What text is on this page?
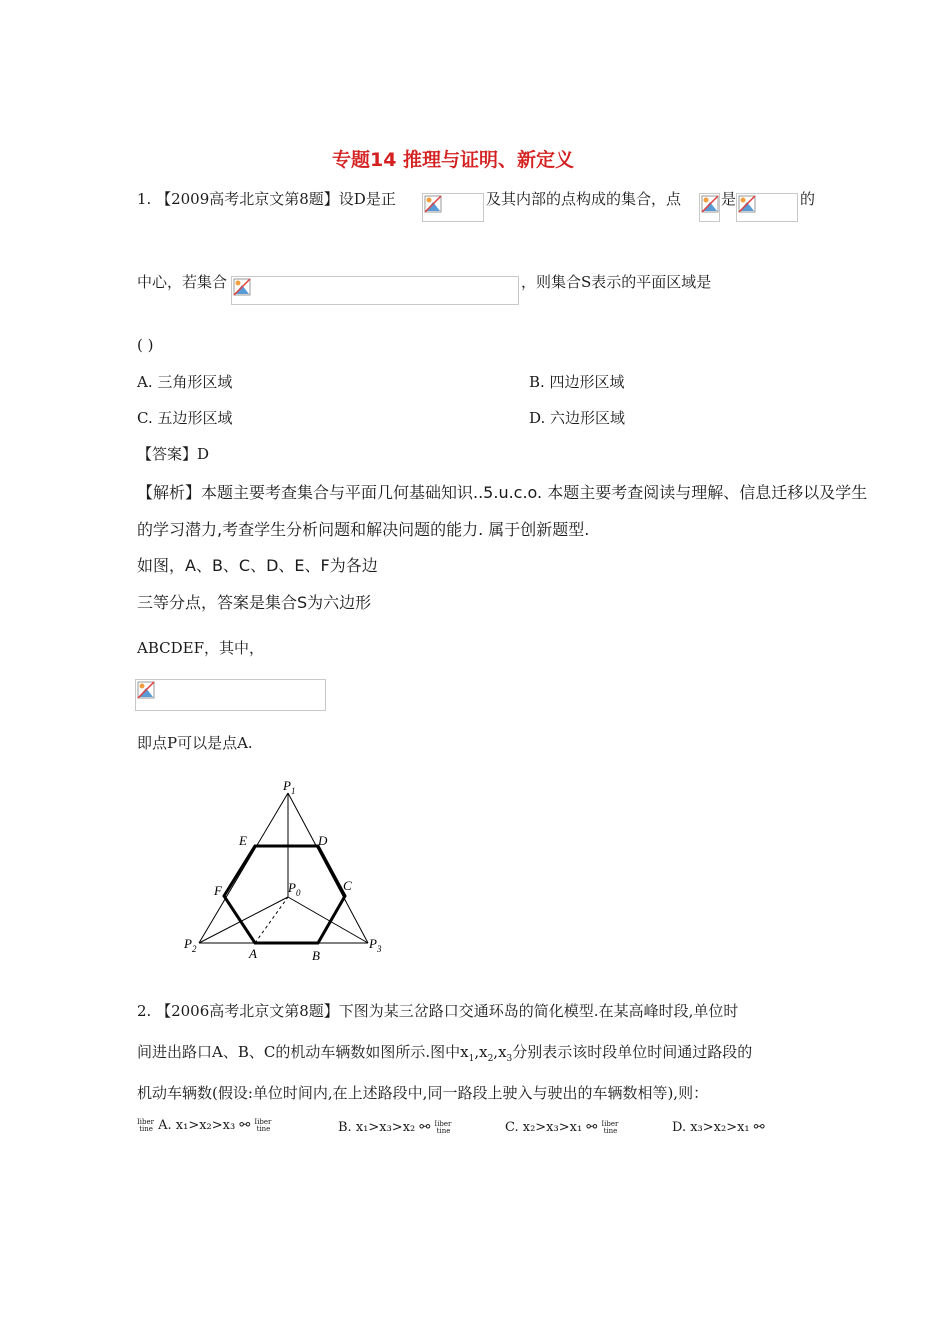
专题14 推理与证明、新定义
1. 【2009高考北京文第8题】设D是正	及其内部的点构成的集合，点	是	的
中心，若集合	，则集合S表示的平面区域是
( )
A. 三角形区域	B. 四边形区域
C. 五边形区域	D. 六边形区域
【答案】D
【解析】本题主要考查集合与平面几何基础知识..5.u.c.o. 本题主要考查阅读与理解、信息迁移以及学生
的学习潜力,考查学生分析问题和解决问题的能力. 属于创新题型.
如图，A、B、C、D、E、F为各边
三等分点，答案是集合S为六边形
ABCDEF，其中，
即点P可以是点A.
$P_1$
$P_0$
$P_2$	$P_3$
A	B
C
D
E
F
2. 【2006高考北京文第8题】下图为某三岔路口交通环岛的简化模型.在某高峰时段,单位时
间进出路口A、B、C的机动车辆数如图所示.图中$x_1,x_2,x_3$分别表示该时段单位时间通过路段的
机动车辆数(假设:单位时间内,在上述路段中,同一路段上驶入与驶出的车辆数相等),则：
Iiber
tine A. x₁>x₂>x₃ ⚯ Iiber
tine	B. x₁>x₃>x₂ ⚯ Iiber
tine	C. x₂>x₃>x₁ ⚯ Iiber
tine	D. x₃>x₂>x₁ ⚯
